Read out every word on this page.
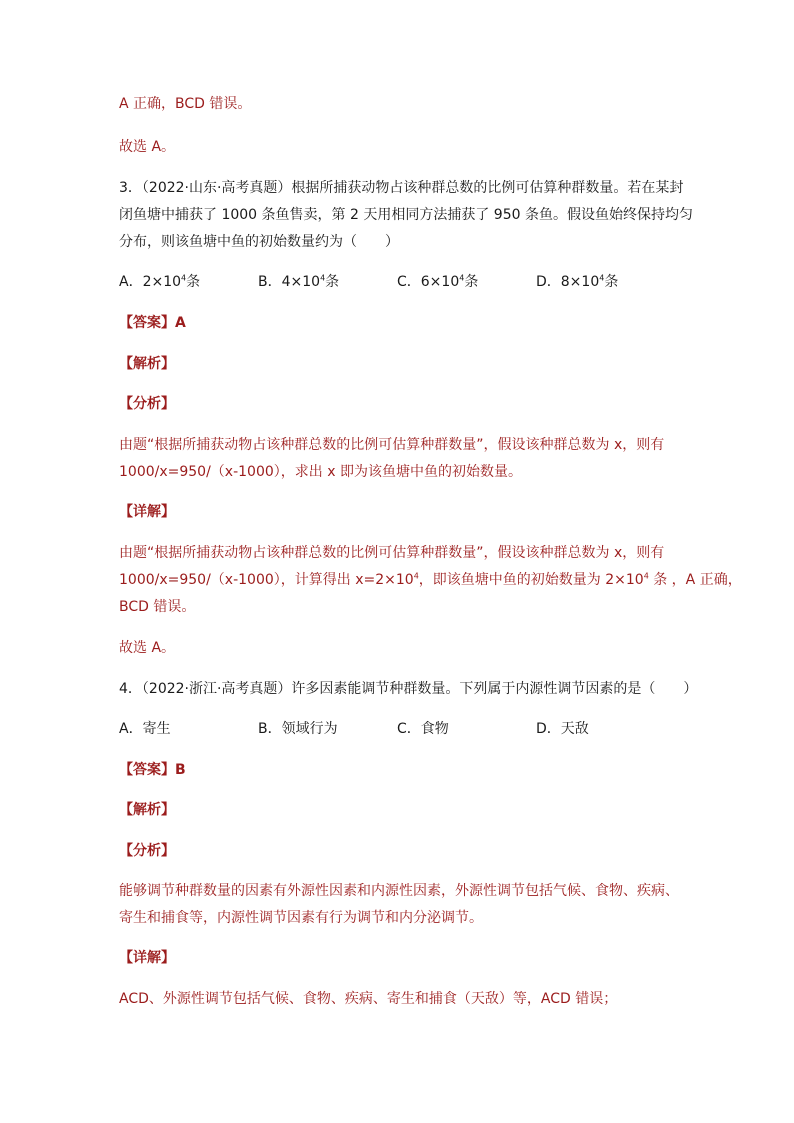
A 正确，BCD 错误。
故选 A。
3．（2022·山东·高考真题）根据所捕获动物占该种群总数的比例可估算种群数量。若在某封
闭鱼塘中捕获了 1000 条鱼售卖，第 2 天用相同方法捕获了 950 条鱼。假设鱼始终保持均匀
分布，则该鱼塘中鱼的初始数量约为（　　）
A．$2\times 10^4$条	B．$4\times 10^4$条	C．$6\times 10^4$条	D．$8\times 10^4$条
【答案】A
【解析】
【分析】
由题“根据所捕获动物占该种群总数的比例可估算种群数量”，假设该种群总数为 x，则有
1000/x=950/（x-1000），求出 x 即为该鱼塘中鱼的初始数量。
【详解】
由题“根据所捕获动物占该种群总数的比例可估算种群数量”，假设该种群总数为 x，则有
1000/x=950/（x-1000），计算得出 $x=2\times 10^4$，即该鱼塘中鱼的初始数量为 $2\times 10^4$ 条 ，A 正确，
BCD 错误。
故选 A。
4．（2022·浙江·高考真题）许多因素能调节种群数量。下列属于内源性调节因素的是（　　）
A．寄生	B．领域行为	C．食物	D．天敌
【答案】B
【解析】
【分析】
能够调节种群数量的因素有外源性因素和内源性因素，外源性调节包括气候、食物、疾病、
寄生和捕食等，内源性调节因素有行为调节和内分泌调节。
【详解】
ACD、外源性调节包括气候、食物、疾病、寄生和捕食（天敌）等，ACD 错误；
